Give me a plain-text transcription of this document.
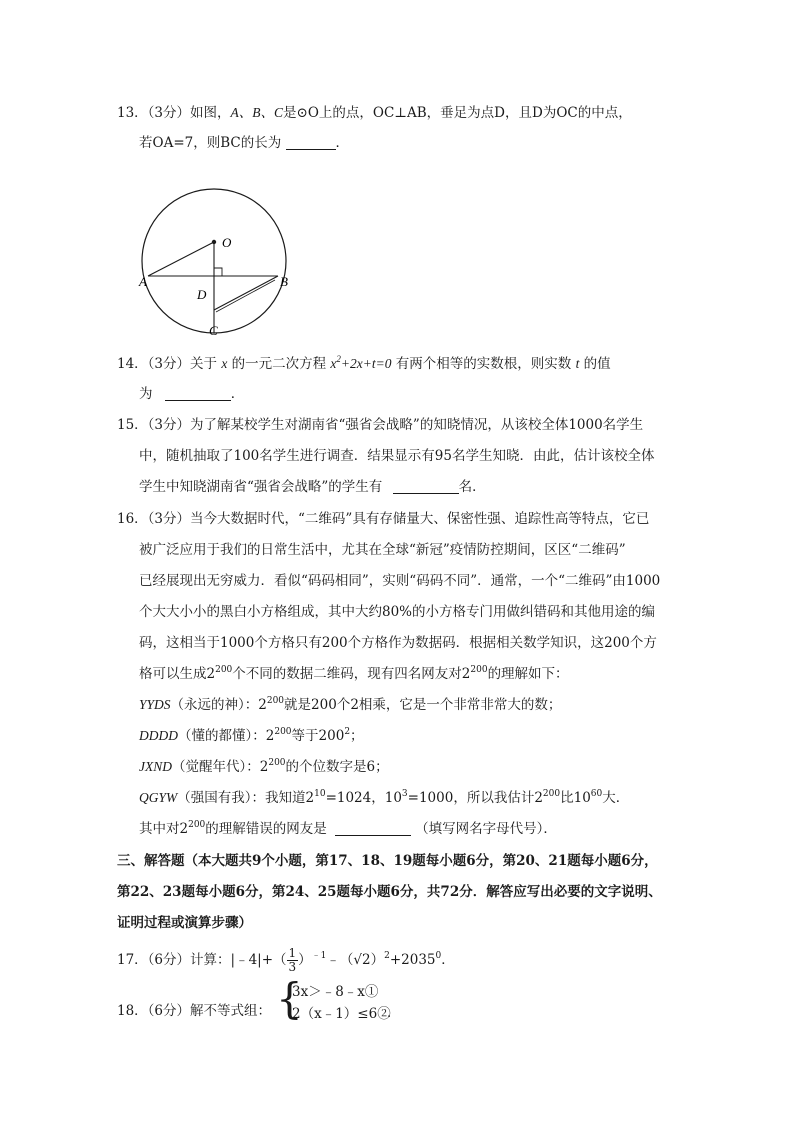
13．（3分）如图，A、B、C是⊙O上的点，OC⊥AB，垂足为点D，且D为OC的中点，
若OA=7，则BC的长为	．
O
A	B
D
C
14．（3分）关于 x 的一元二次方程 $x^2+2x+t=0$ 有两个相等的实数根，则实数 t 的值
为	．
15．（3分）为了解某校学生对湖南省“强省会战略”的知晓情况，从该校全体1000名学生
中，随机抽取了100名学生进行调查．结果显示有95名学生知晓．由此，估计该校全体
学生中知晓湖南省“强省会战略”的学生有	名．
16．（3分）当今大数据时代，“二维码”具有存储量大、保密性强、追踪性高等特点，它已
被广泛应用于我们的日常生活中，尤其在全球“新冠”疫情防控期间，区区“二维码”
已经展现出无穷威力．看似“码码相同”，实则“码码不同”．通常，一个“二维码”由1000
个大大小小的黑白小方格组成，其中大约80%的小方格专门用做纠错码和其他用途的编
码，这相当于1000个方格只有200个方格作为数据码．根据相关数学知识，这200个方
格可以生成$2^{200}$个不同的数据二维码，现有四名网友对$2^{200}$的理解如下：
YYDS（永远的神）：$2^{200}$就是200个2相乘，它是一个非常非常大的数；
DDDD（懂的都懂）：$2^{200}$等于$200^2$；
JXND（觉醒年代）：$2^{200}$的个位数字是6；
QGYW（强国有我）：我知道$2^{10}=1024$，$10^3=1000$，所以我估计$2^{200}$比$10^{60}$大．
其中对$2^{200}$的理解错误的网友是	（填写网名字母代号）．
三、解答题（本大题共9个小题，第17、18、19题每小题6分，第20、21题每小题6分，
第22、23题每小题6分，第24、25题每小题6分，共72分．解答应写出必要的文字说明、
证明过程或演算步骤）
17．（6分）计算：|﹣4|+（ $\frac{1}{3}$ ）$^{﹣1}﹣(√2)^2+2035^0$．
18．（6分）解不等式组： {
3x＞﹣8﹣x①
2（x﹣1）≤6②
．
